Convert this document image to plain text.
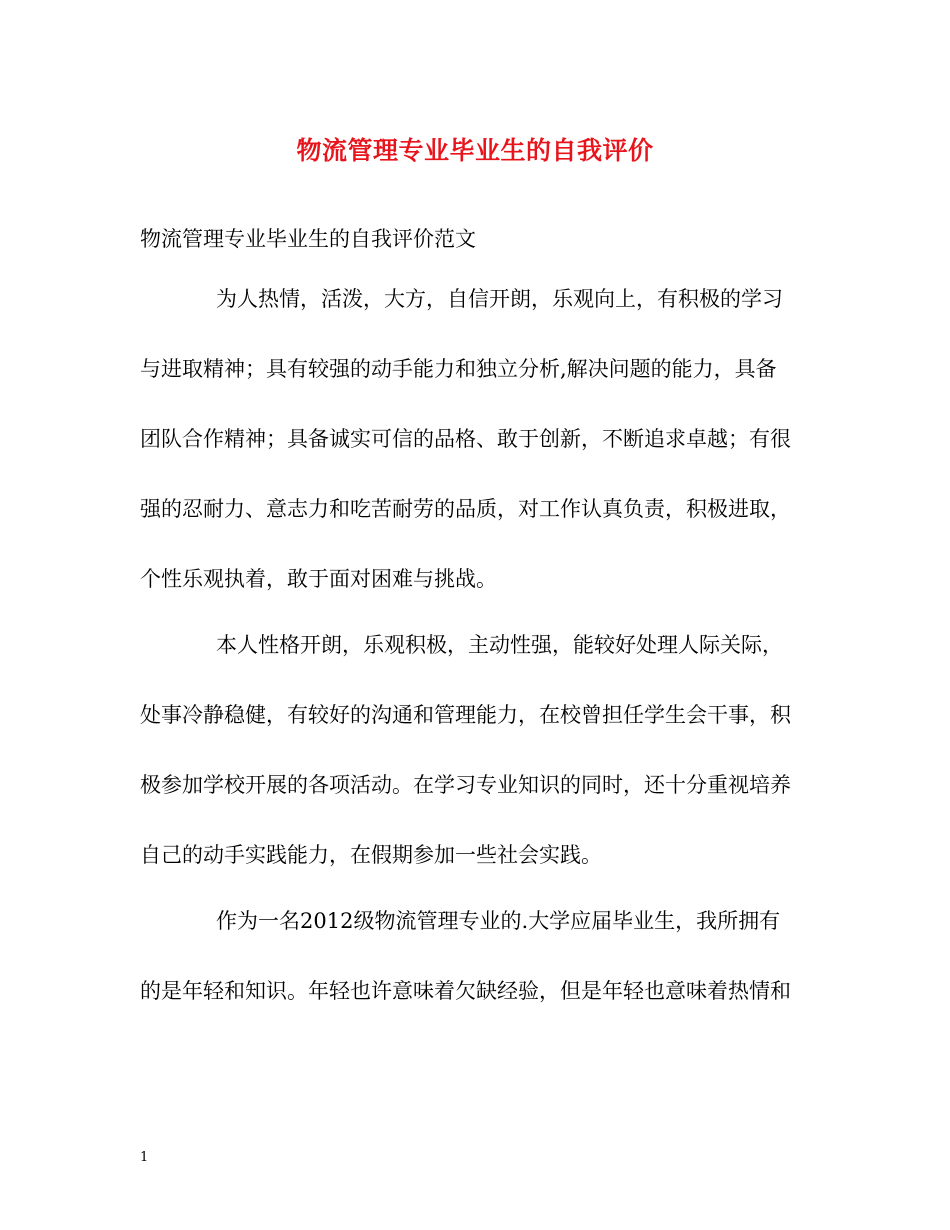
物流管理专业毕业生的自我评价
物流管理专业毕业生的自我评价范文
为人热情，活泼，大方，自信开朗，乐观向上，有积极的学习
与进取精神；具有较强的动手能力和独立分析,解决问题的能力，具备
团队合作精神；具备诚实可信的品格、敢于创新，不断追求卓越；有很
强的忍耐力、意志力和吃苦耐劳的品质，对工作认真负责，积极进取，
个性乐观执着，敢于面对困难与挑战。
本人性格开朗，乐观积极，主动性强，能较好处理人际关际，
处事冷静稳健，有较好的沟通和管理能力，在校曾担任学生会干事，积
极参加学校开展的各项活动。在学习专业知识的同时，还十分重视培养
自己的动手实践能力，在假期参加一些社会实践。
作为一名2012级物流管理专业的.大学应届毕业生，我所拥有
的是年轻和知识。年轻也许意味着欠缺经验，但是年轻也意味着热情和
1
